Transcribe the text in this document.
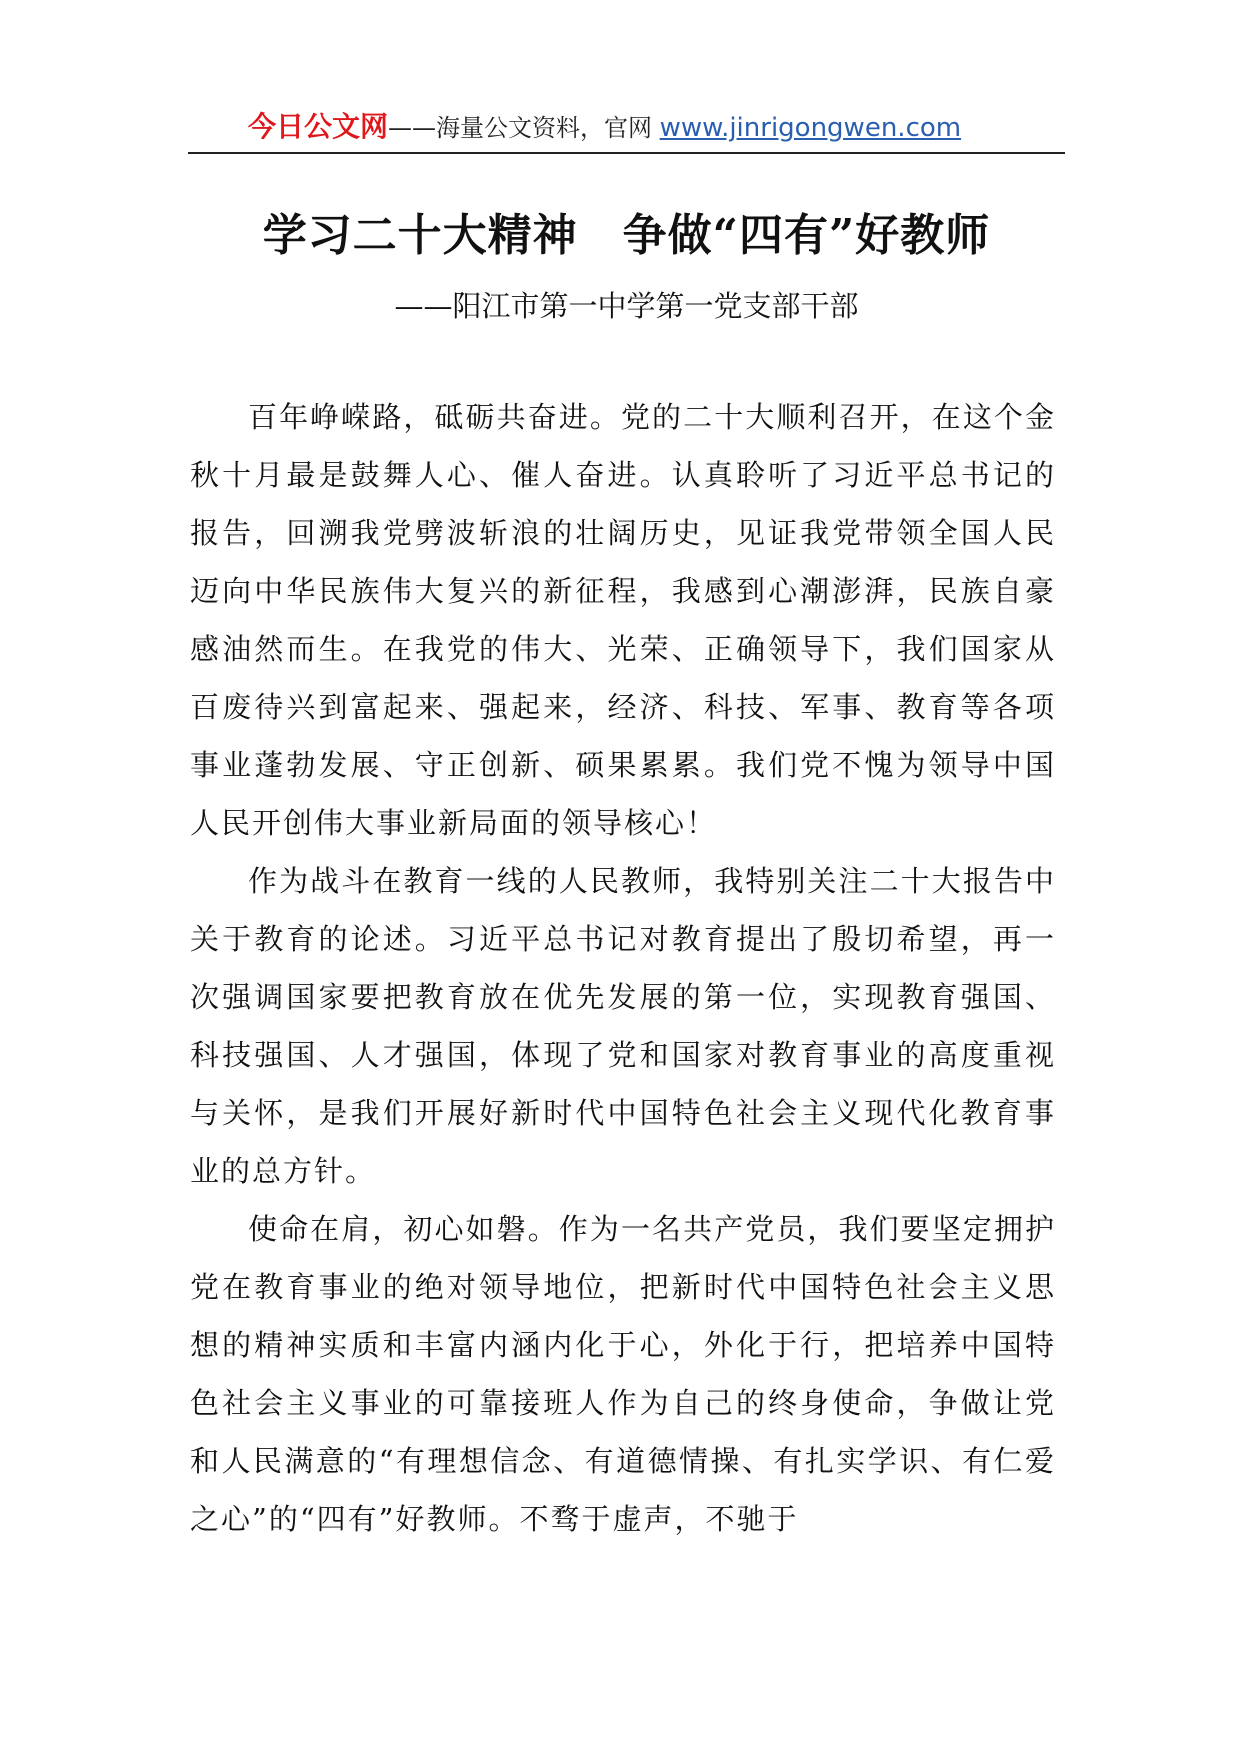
今日公文网——海量公文资料，官网 www.jinrigongwen.com
学习二十大精神　争做“四有”好教师
——阳江市第一中学第一党支部干部

百年峥嵘路，砥砺共奋进。党的二十大顺利召开，在这个金秋十月最是鼓舞人心、催人奋进。认真聆听了习近平总书记的报告，回溯我党劈波斩浪的壮阔历史，见证我党带领全国人民迈向中华民族伟大复兴的新征程，我感到心潮澎湃，民族自豪感油然而生。在我党的伟大、光荣、正确领导下，我们国家从百废待兴到富起来、强起来，经济、科技、军事、教育等各项事业蓬勃发展、守正创新、硕果累累。我们党不愧为领导中国人民开创伟大事业新局面的领导核心！

作为战斗在教育一线的人民教师，我特别关注二十大报告中关于教育的论述。习近平总书记对教育提出了殷切希望，再一次强调国家要把教育放在优先发展的第一位，实现教育强国、科技强国、人才强国，体现了党和国家对教育事业的高度重视与关怀，是我们开展好新时代中国特色社会主义现代化教育事业的总方针。

使命在肩，初心如磐。作为一名共产党员，我们要坚定拥护党在教育事业的绝对领导地位，把新时代中国特色社会主义思想的精神实质和丰富内涵内化于心，外化于行，把培养中国特色社会主义事业的可靠接班人作为自己的终身使命，争做让党和人民满意的“有理想信念、有道德情操、有扎实学识、有仁爱之心”的“四有”好教师。不骛于虚声，不驰于
